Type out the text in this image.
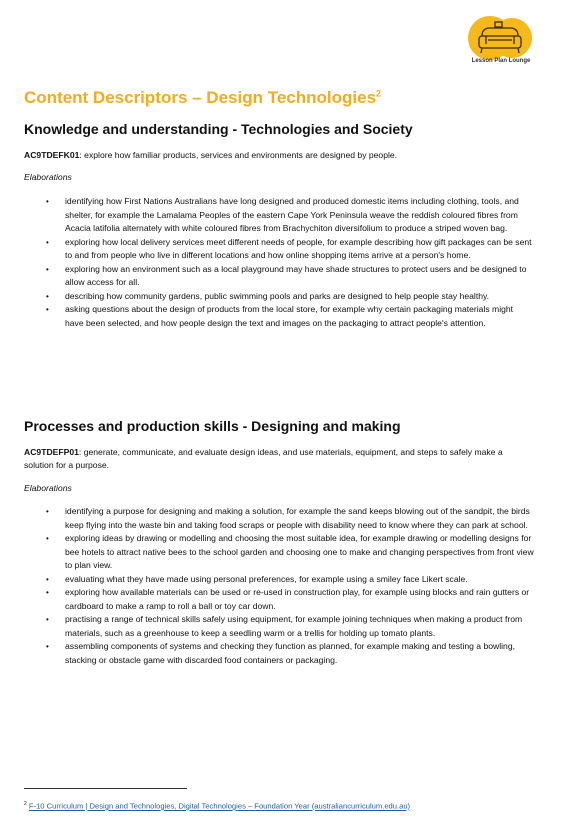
Lesson Plan Lounge
Content Descriptors – Design Technologies$^2$
Knowledge and understanding - Technologies and Society

AC9TDEFK01: explore how familiar products, services and environments are designed by people.

Elaborations

• identifying how First Nations Australians have long designed and produced domestic items including clothing, tools, and shelter, for example the Lamalama Peoples of the eastern Cape York Peninsula weave the reddish coloured fibres from Acacia latifolia alternately with white coloured fibres from Brachychiton diversifolium to produce a striped woven bag.
• exploring how local delivery services meet different needs of people, for example describing how gift packages can be sent to and from people who live in different locations and how online shopping items arrive at a person's home.
• exploring how an environment such as a local playground may have shade structures to protect users and be designed to allow access for all.
• describing how community gardens, public swimming pools and parks are designed to help people stay healthy.
• asking questions about the design of products from the local store, for example why certain packaging materials might have been selected, and how people design the text and images on the packaging to attract people's attention.
Processes and production skills - Designing and making

AC9TDEFP01: generate, communicate, and evaluate design ideas, and use materials, equipment, and steps to safely make a solution for a purpose.

Elaborations

• identifying a purpose for designing and making a solution, for example the sand keeps blowing out of the sandpit, the birds keep flying into the waste bin and taking food scraps or people with disability need to know where they can park at school.
• exploring ideas by drawing or modelling and choosing the most suitable idea, for example drawing or modelling designs for bee hotels to attract native bees to the school garden and choosing one to make and changing perspectives from front view to plan view.
• evaluating what they have made using personal preferences, for example using a smiley face Likert scale.
• exploring how available materials can be used or re-used in construction play, for example using blocks and rain gutters or cardboard to make a ramp to roll a ball or toy car down.
• practising a range of technical skills safely using equipment, for example joining techniques when making a product from materials, such as a greenhouse to keep a seedling warm or a trellis for holding up tomato plants.
• assembling components of systems and checking they function as planned, for example making and testing a bowling, stacking or obstacle game with discarded food containers or packaging.

$^2$ F-10 Curriculum | Design and Technologies, Digital Technologies – Foundation Year (australiancurriculum.edu.au)
